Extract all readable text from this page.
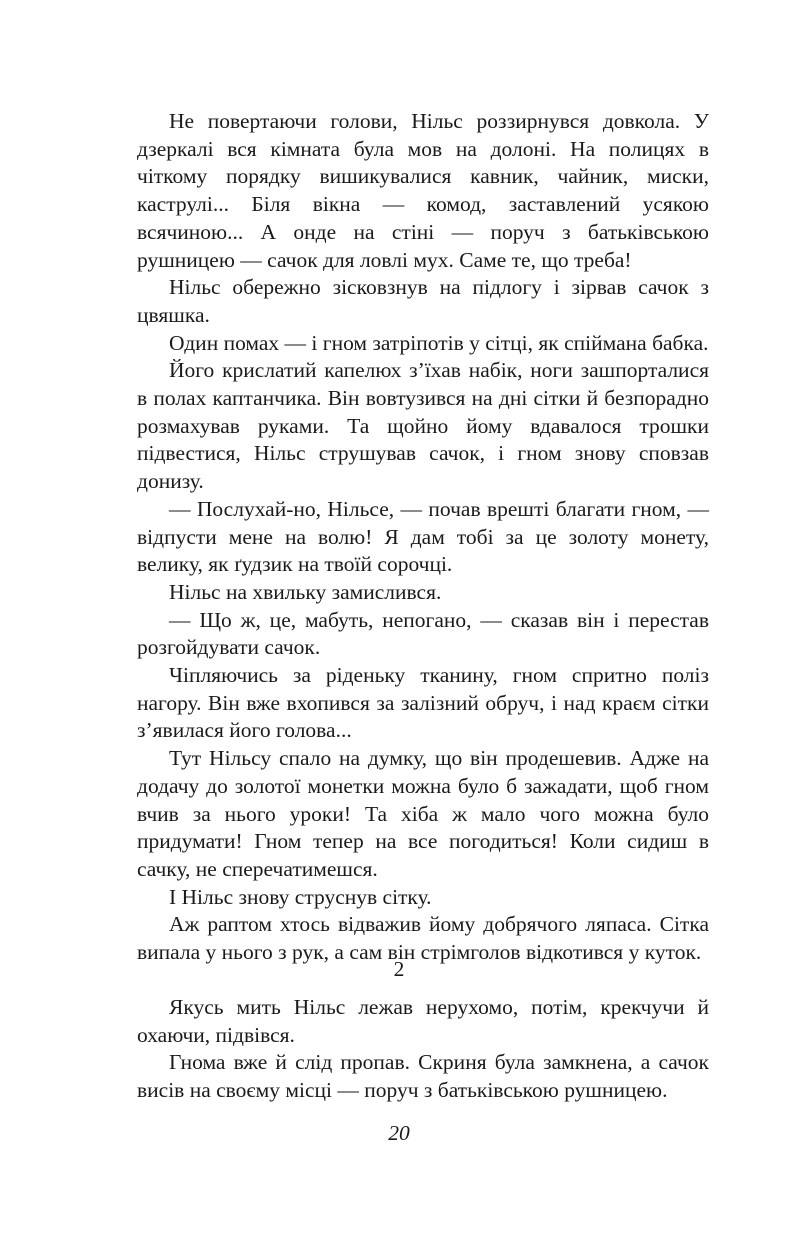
Не повертаючи голови, Нільс роззирнувся довкола. У дзеркалі вся кімната була мов на долоні. На полицях в чіткому порядку вишикувалися кавник, чайник, миски, каструлі... Біля вікна — комод, заставлений усякою всячиною... А онде на стіні — поруч з батьківською рушницею — сачок для ловлі мух. Саме те, що треба!

Нільс обережно зісковзнув на підлогу і зірвав сачок з цвяшка.

Один помах — і гном затріпотів у сітці, як спіймана бабка.

Його крислатий капелюх з’їхав набік, ноги зашпорталися в полах каптанчика. Він вовтузився на дні сітки й безпорадно розмахував руками. Та щойно йому вдавалося трошки підвестися, Нільс струшував сачок, і гном знову сповзав донизу.

— Послухай-но, Нільсе, — почав врешті благати гном, — відпусти мене на волю! Я дам тобі за це золоту монету, велику, як ґудзик на твоїй сорочці.

Нільс на хвильку замислився.

— Що ж, це, мабуть, непогано, — сказав він і перестав розгойдувати сачок.

Чіпляючись за ріденьку тканину, гном спритно поліз нагору. Він вже вхопився за залізний обруч, і над краєм сітки з’явилася його голова...

Тут Нільсу спало на думку, що він продешевив. Адже на додачу до золотої монетки можна було б зажадати, щоб гном вчив за нього уроки! Та хіба ж мало чого можна було придумати! Гном тепер на все погодиться! Коли сидиш в сачку, не сперечатимешся.

І Нільс знову струснув сітку.

Аж раптом хтось відважив йому добрячого ляпаса. Сітка випала у нього з рук, а сам він стрімголов відкотився у куток.

2

Якусь мить Нільс лежав нерухомо, потім, крекчучи й охаючи, підвівся.

Гнома вже й слід пропав. Скриня була замкнена, а сачок висів на своєму місці — поруч з батьківською рушницею.

20
